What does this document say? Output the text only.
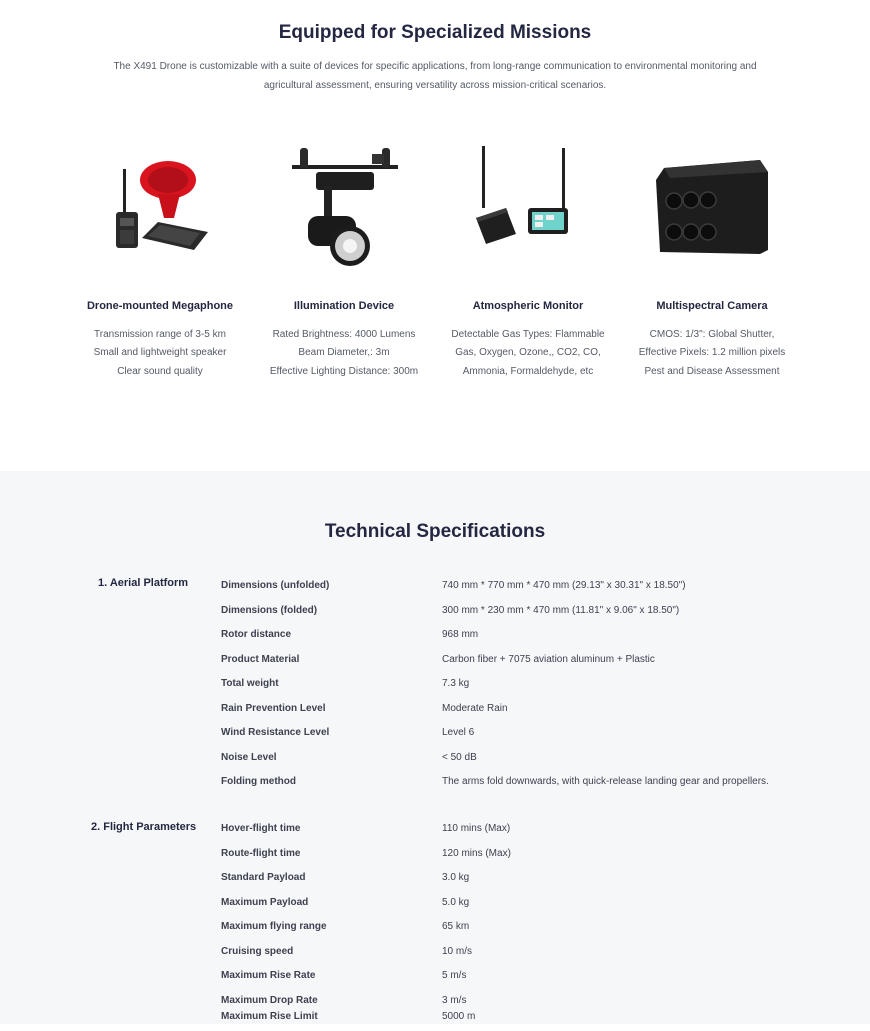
Equipped for Specialized Missions
The X491 Drone is customizable with a suite of devices for specific applications, from long-range communication to environmental monitoring and
agricultural assessment, ensuring versatility across mission-critical scenarios.
Drone-mounted Megaphone
Transmission range of 3-5 km
Small and lightweight speaker
Clear sound quality
Illumination Device
Rated Brightness: 4000 Lumens
Beam Diameter,: 3m
Effective Lighting Distance: 300m
Atmospheric Monitor
Detectable Gas Types: Flammable
Gas, Oxygen, Ozone,, CO2, CO,
Ammonia, Formaldehyde, etc
Multispectral Camera
CMOS: 1/3": Global Shutter,
Effective Pixels: 1.2 million pixels
Pest and Disease Assessment
Technical Specifications
1. Aerial Platform	Dimensions (unfolded)	740 mm * 770 mm * 470 mm (29.13" x 30.31" x 18.50")
Dimensions (folded)	300 mm * 230 mm * 470 mm (11.81" x 9.06" x 18.50")
Rotor distance	968 mm
Product Material	Carbon fiber + 7075 aviation aluminum + Plastic
Total weight	7.3 kg
Rain Prevention Level	Moderate Rain
Wind Resistance Level	Level 6
Noise Level	< 50 dB
Folding method	The arms fold downwards, with quick-release landing gear and propellers.
2. Flight Parameters Hover-flight time	110 mins (Max)
Route-flight time	120 mins (Max)
Standard Payload	3.0 kg
Maximum Payload	5.0 kg
Maximum flying range	65 km
Cruising speed	10 m/s
Maximum Rise Rate	5 m/s
Maximum Drop Rate	3 m/s
Maximum Rise Limit	5000 m
